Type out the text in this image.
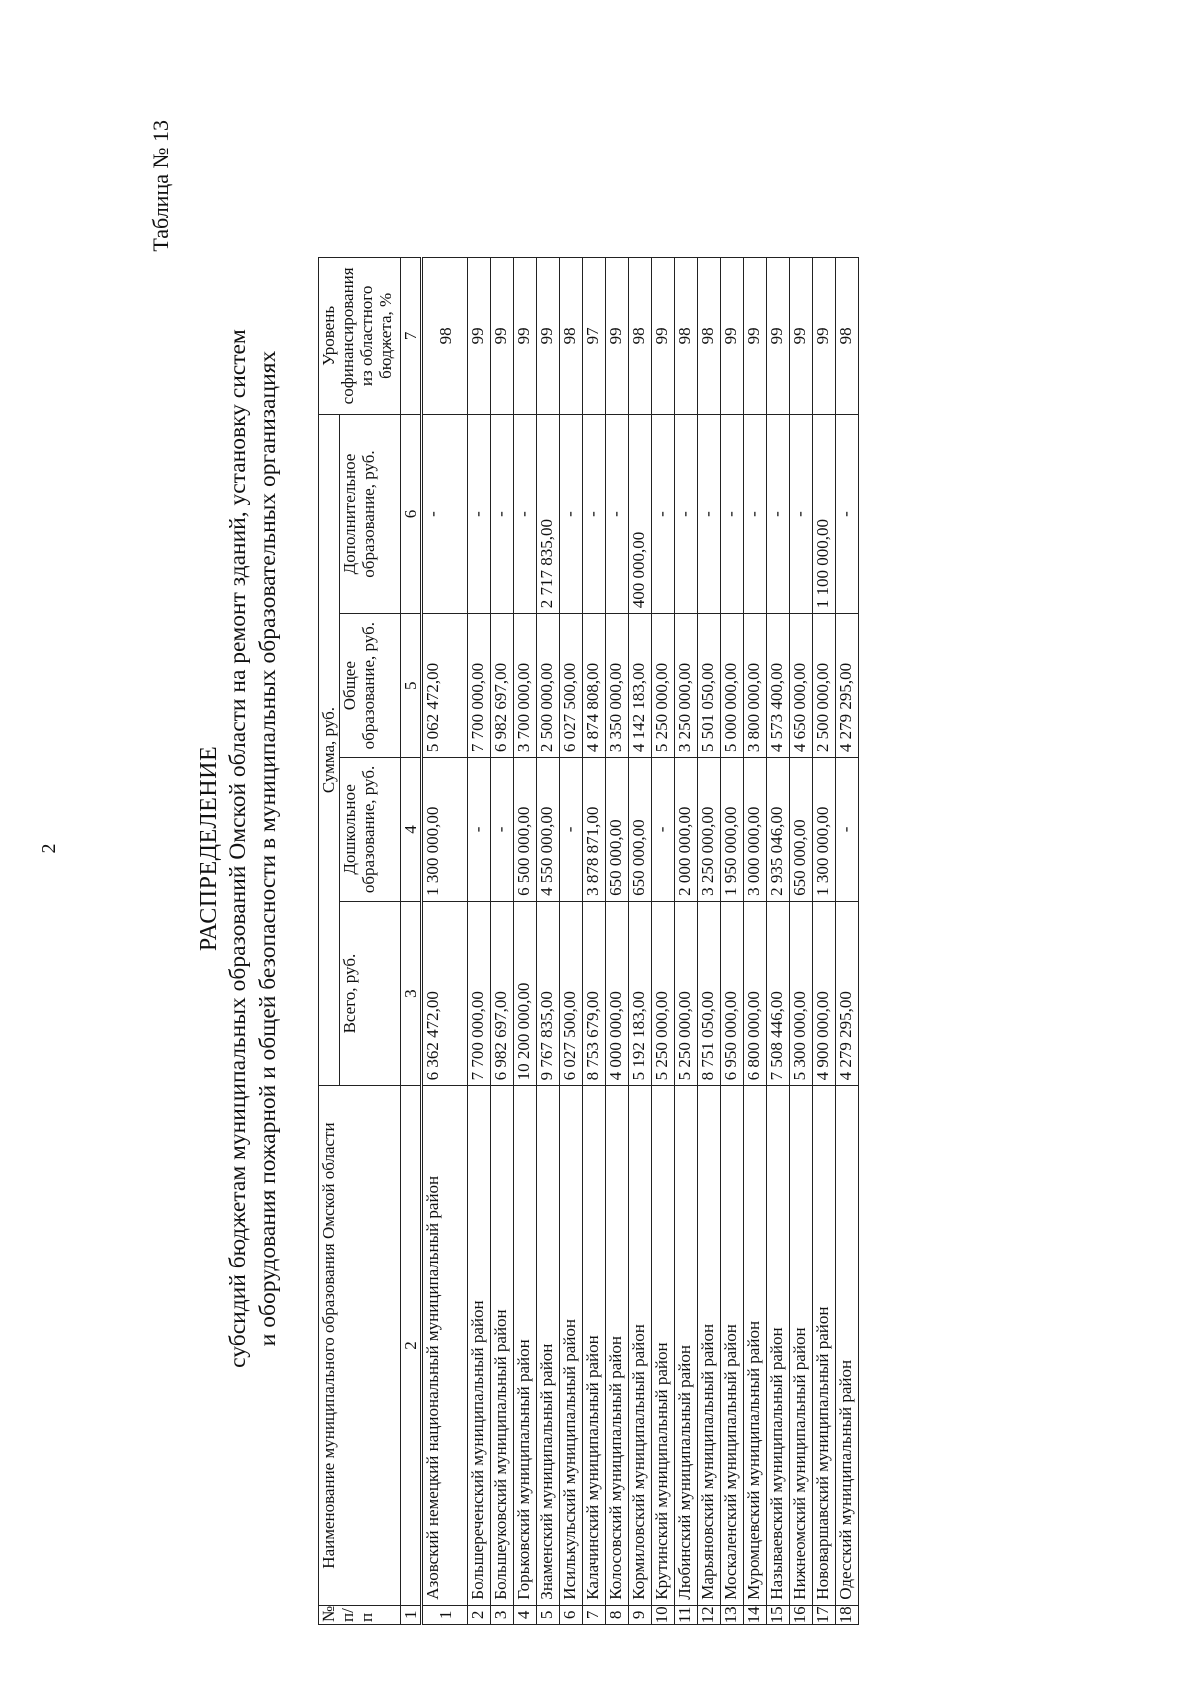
2
Таблица № 13
РАСПРЕДЕЛЕНИЕ субсидий бюджетам муниципальных образований Омской области на ремонт зданий, установку систем и оборудования пожарной и общей безопасности в муниципальных образовательных организациях
№ п/п	Наименование муниципального образования Омской области	Сумма, руб.				Уровень софинансирования из областного бюджета, %
		Всего, руб.	Дошкольное образование, руб.	Общее образование, руб.	Дополнительное образование, руб.	
1	2	3	4	5	6	7
1	Азовский немецкий национальный муниципальный район	6 362 472,00	1 300 000,00	5 062 472,00	-	98
2	Большереченский муниципальный район	7 700 000,00	-	7 700 000,00	-	99
3	Большеуковский муниципальный район	6 982 697,00	-	6 982 697,00	-	99
4	Горьковский муниципальный район	10 200 000,00	6 500 000,00	3 700 000,00	-	99
5	Знаменский муниципальный район	9 767 835,00	4 550 000,00	2 500 000,00	2 717 835,00	99
6	Исилькульский муниципальный район	6 027 500,00	-	6 027 500,00	-	98
7	Калачинский муниципальный район	8 753 679,00	3 878 871,00	4 874 808,00	-	97
8	Колосовский муниципальный район	4 000 000,00	650 000,00	3 350 000,00	-	99
9	Кормиловский муниципальный район	5 192 183,00	650 000,00	4 142 183,00	400 000,00	98
10	Крутинский муниципальный район	5 250 000,00	-	5 250 000,00	-	99
11	Любинский муниципальный район	5 250 000,00	2 000 000,00	3 250 000,00	-	98
12	Марьяновский муниципальный район	8 751 050,00	3 250 000,00	5 501 050,00	-	98
13	Москаленский муниципальный район	6 950 000,00	1 950 000,00	5 000 000,00	-	99
14	Муромцевский муниципальный район	6 800 000,00	3 000 000,00	3 800 000,00	-	99
15	Называевский муниципальный район	7 508 446,00	2 935 046,00	4 573 400,00	-	99
16	Нижнеомский муниципальный район	5 300 000,00	650 000,00	4 650 000,00	-	99
17	Нововаршавский муниципальный район	4 900 000,00	1 300 000,00	2 500 000,00	1 100 000,00	99
18	Одесский муниципальный район	4 279 295,00	-	4 279 295,00	-	98
